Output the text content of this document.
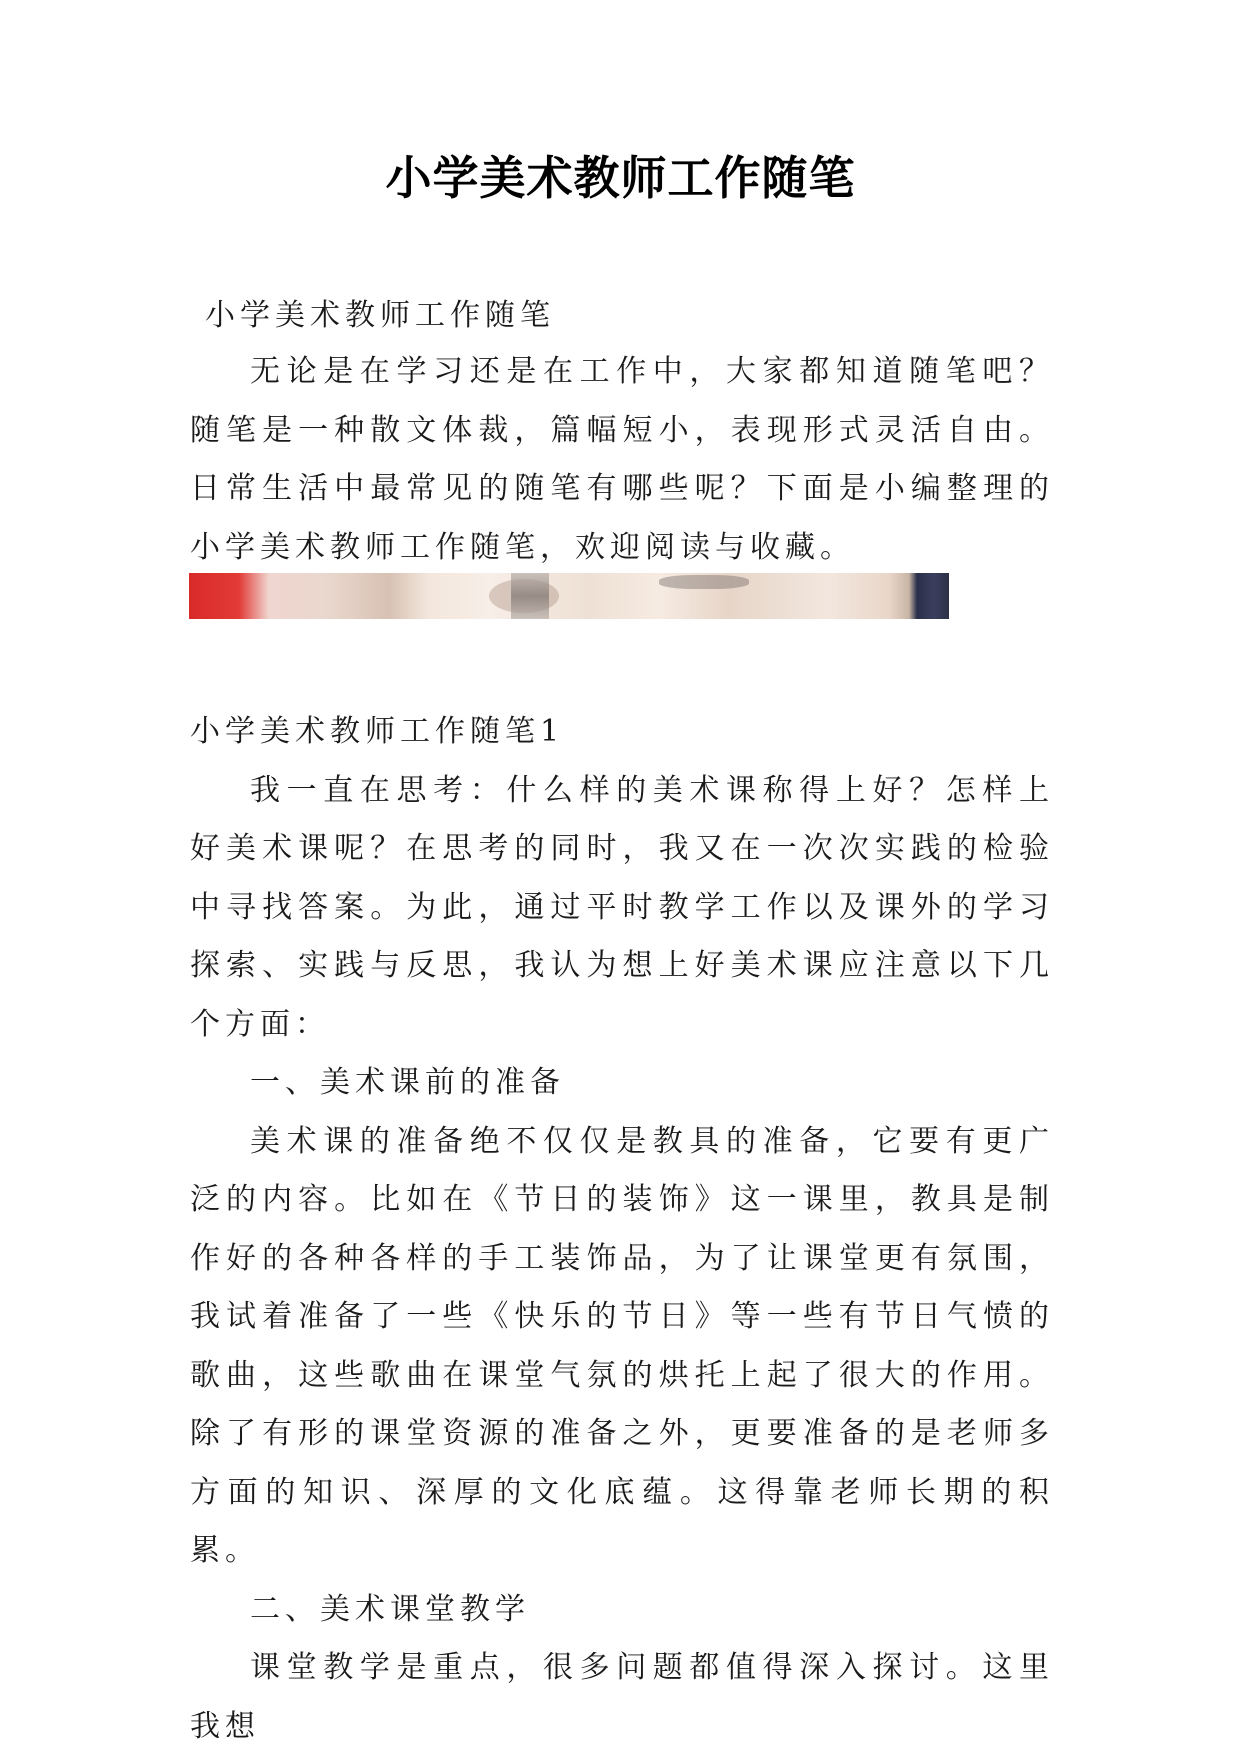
小学美术教师工作随笔

小学美术教师工作随笔

无论是在学习还是在工作中，大家都知道随笔吧？随笔是一种散文体裁，篇幅短小，表现形式灵活自由。日常生活中最常见的随笔有哪些呢？下面是小编整理的小学美术教师工作随笔，欢迎阅读与收藏。

小学美术教师工作随笔1

我一直在思考：什么样的美术课称得上好？怎样上好美术课呢？在思考的同时，我又在一次次实践的检验中寻找答案。为此，通过平时教学工作以及课外的学习探索、实践与反思，我认为想上好美术课应注意以下几个方面：

一、美术课前的准备

美术课的准备绝不仅仅是教具的准备，它要有更广泛的内容。比如在《节日的装饰》这一课里，教具是制作好的各种各样的手工装饰品，为了让课堂更有氛围，我试着准备了一些《快乐的节日》等一些有节日气愤的歌曲，这些歌曲在课堂气氛的烘托上起了很大的作用。除了有形的课堂资源的准备之外，更要准备的是老师多方面的知识、深厚的文化底蕴。这得靠老师长期的积累。

二、美术课堂教学

课堂教学是重点，很多问题都值得深入探讨。这里我想
